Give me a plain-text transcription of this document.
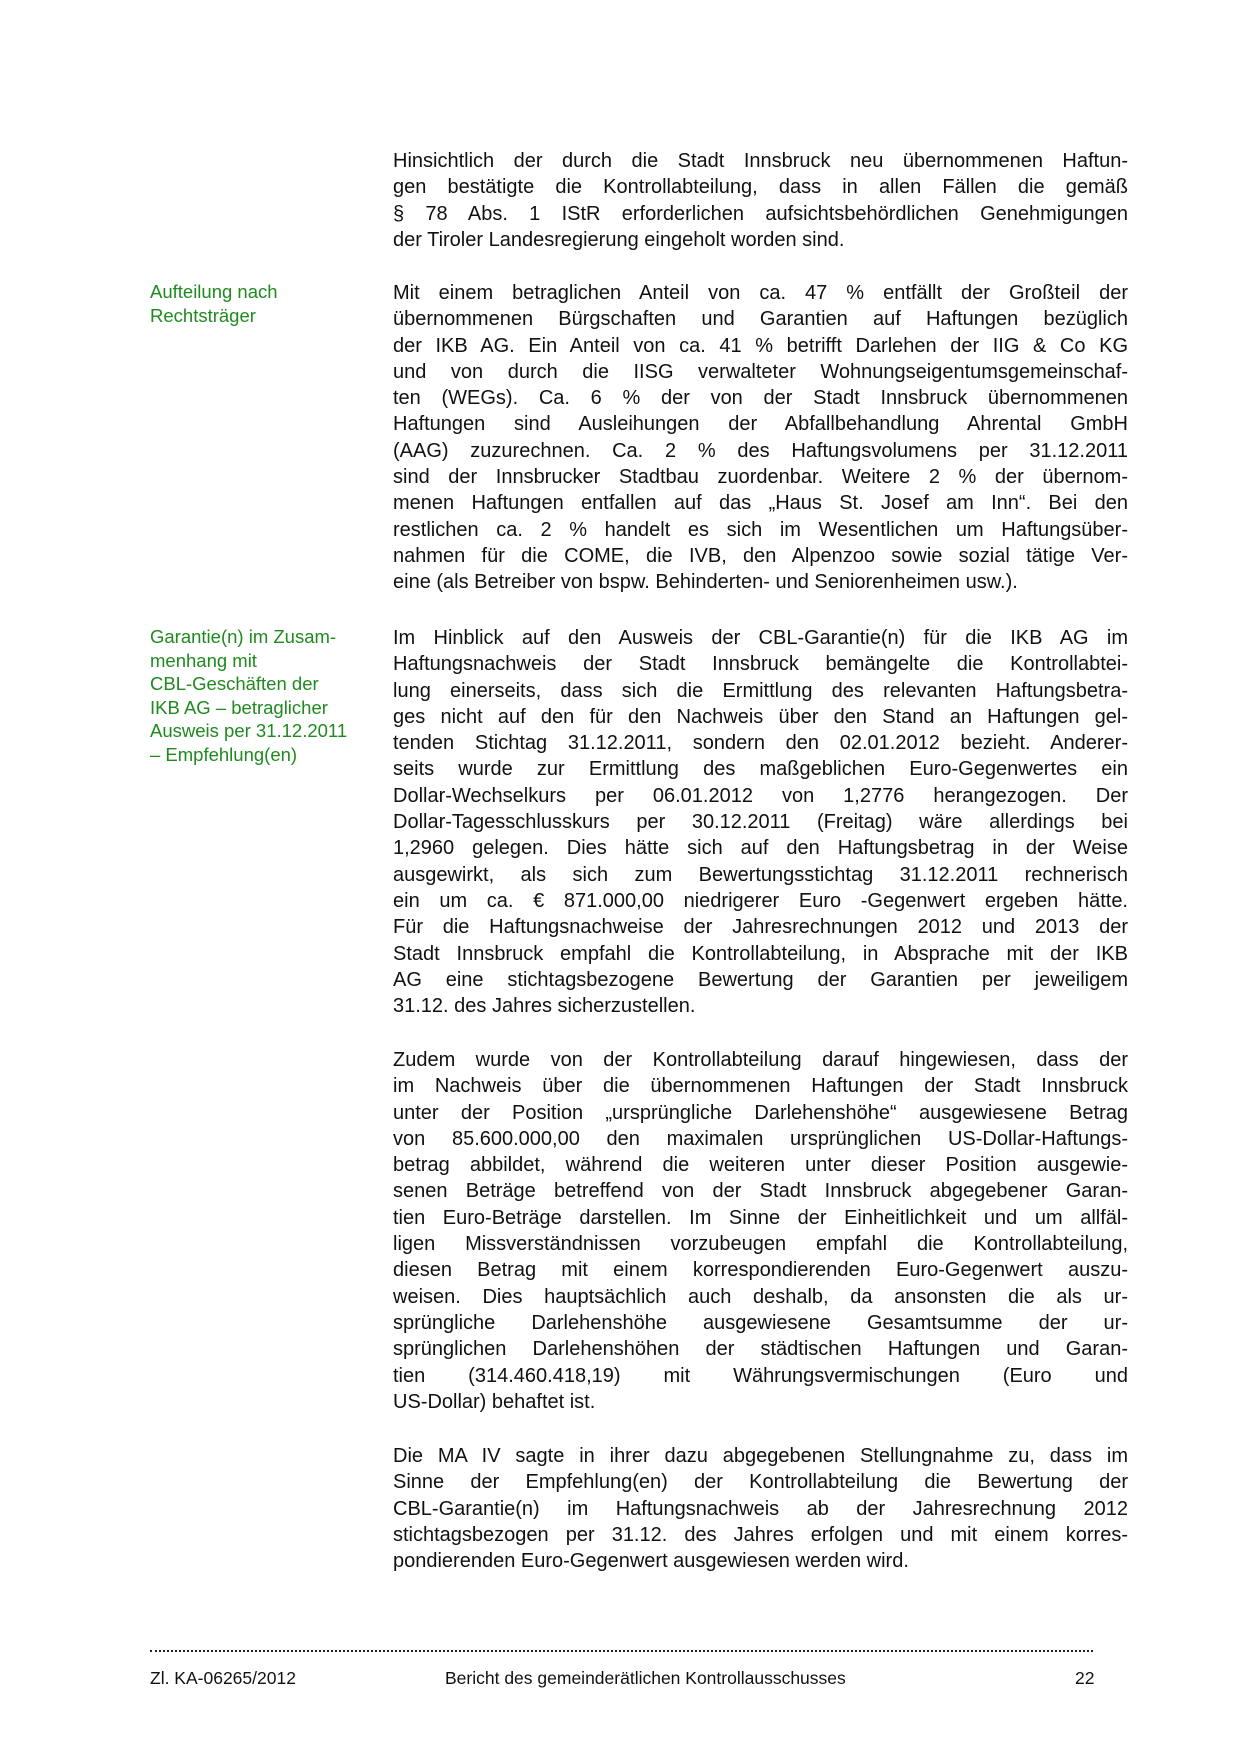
Aufteilung nach
Rechtsträger
Garantie(n) im Zusam-
menhang mit
CBL-Geschäften der
IKB AG – betraglicher
Ausweis per 31.12.2011
– Empfehlung(en)
Hinsichtlich der durch die Stadt Innsbruck neu übernommenen Haftun-
gen bestätigte die Kontrollabteilung, dass in allen Fällen die gemäß
§ 78 Abs. 1 IStR erforderlichen aufsichtsbehördlichen Genehmigungen
der Tiroler Landesregierung eingeholt worden sind.
Mit einem betraglichen Anteil von ca. 47 % entfällt der Großteil der
übernommenen Bürgschaften und Garantien auf Haftungen bezüglich
der IKB AG. Ein Anteil von ca. 41 % betrifft Darlehen der IIG & Co KG
und von durch die IISG verwalteter Wohnungseigentumsgemeinschaf-
ten (WEGs). Ca. 6 % der von der Stadt Innsbruck übernommenen
Haftungen sind Ausleihungen der Abfallbehandlung Ahrental GmbH
(AAG) zuzurechnen. Ca. 2 % des Haftungsvolumens per 31.12.2011
sind der Innsbrucker Stadtbau zuordenbar. Weitere 2 % der übernom-
menen Haftungen entfallen auf das „Haus St. Josef am Inn“. Bei den
restlichen ca. 2 % handelt es sich im Wesentlichen um Haftungsüber-
nahmen für die COME, die IVB, den Alpenzoo sowie sozial tätige Ver-
eine (als Betreiber von bspw. Behinderten- und Seniorenheimen usw.).
Im Hinblick auf den Ausweis der CBL-Garantie(n) für die IKB AG im
Haftungsnachweis der Stadt Innsbruck bemängelte die Kontrollabtei-
lung einerseits, dass sich die Ermittlung des relevanten Haftungsbetra-
ges nicht auf den für den Nachweis über den Stand an Haftungen gel-
tenden Stichtag 31.12.2011, sondern den 02.01.2012 bezieht. Anderer-
seits wurde zur Ermittlung des maßgeblichen Euro-Gegenwertes ein
Dollar-Wechselkurs per 06.01.2012 von 1,2776 herangezogen. Der
Dollar-Tagesschlusskurs per 30.12.2011 (Freitag) wäre allerdings bei
1,2960 gelegen. Dies hätte sich auf den Haftungsbetrag in der Weise
ausgewirkt, als sich zum Bewertungsstichtag 31.12.2011 rechnerisch
ein um ca. € 871.000,00 niedrigerer Euro -Gegenwert ergeben hätte.
Für die Haftungsnachweise der Jahresrechnungen 2012 und 2013 der
Stadt Innsbruck empfahl die Kontrollabteilung, in Absprache mit der IKB
AG eine stichtagsbezogene Bewertung der Garantien per jeweiligem
31.12. des Jahres sicherzustellen.
Zudem wurde von der Kontrollabteilung darauf hingewiesen, dass der
im Nachweis über die übernommenen Haftungen der Stadt Innsbruck
unter der Position „ursprüngliche Darlehenshöhe“ ausgewiesene Betrag
von 85.600.000,00 den maximalen ursprünglichen US-Dollar-Haftungs-
betrag abbildet, während die weiteren unter dieser Position ausgewie-
senen Beträge betreffend von der Stadt Innsbruck abgegebener Garan-
tien Euro-Beträge darstellen. Im Sinne der Einheitlichkeit und um allfäl-
ligen Missverständnissen vorzubeugen empfahl die Kontrollabteilung,
diesen Betrag mit einem korrespondierenden Euro-Gegenwert auszu-
weisen. Dies hauptsächlich auch deshalb, da ansonsten die als ur-
sprüngliche Darlehenshöhe ausgewiesene Gesamtsumme der ur-
sprünglichen Darlehenshöhen der städtischen Haftungen und Garan-
tien (314.460.418,19) mit Währungsvermischungen (Euro und
US-Dollar) behaftet ist.
Die MA IV sagte in ihrer dazu abgegebenen Stellungnahme zu, dass im
Sinne der Empfehlung(en) der Kontrollabteilung die Bewertung der
CBL-Garantie(n) im Haftungsnachweis ab der Jahresrechnung 2012
stichtagsbezogen per 31.12. des Jahres erfolgen und mit einem korres-
pondierenden Euro-Gegenwert ausgewiesen werden wird.
Zl. KA-06265/2012	Bericht des gemeinderätlichen Kontrollausschusses	22
